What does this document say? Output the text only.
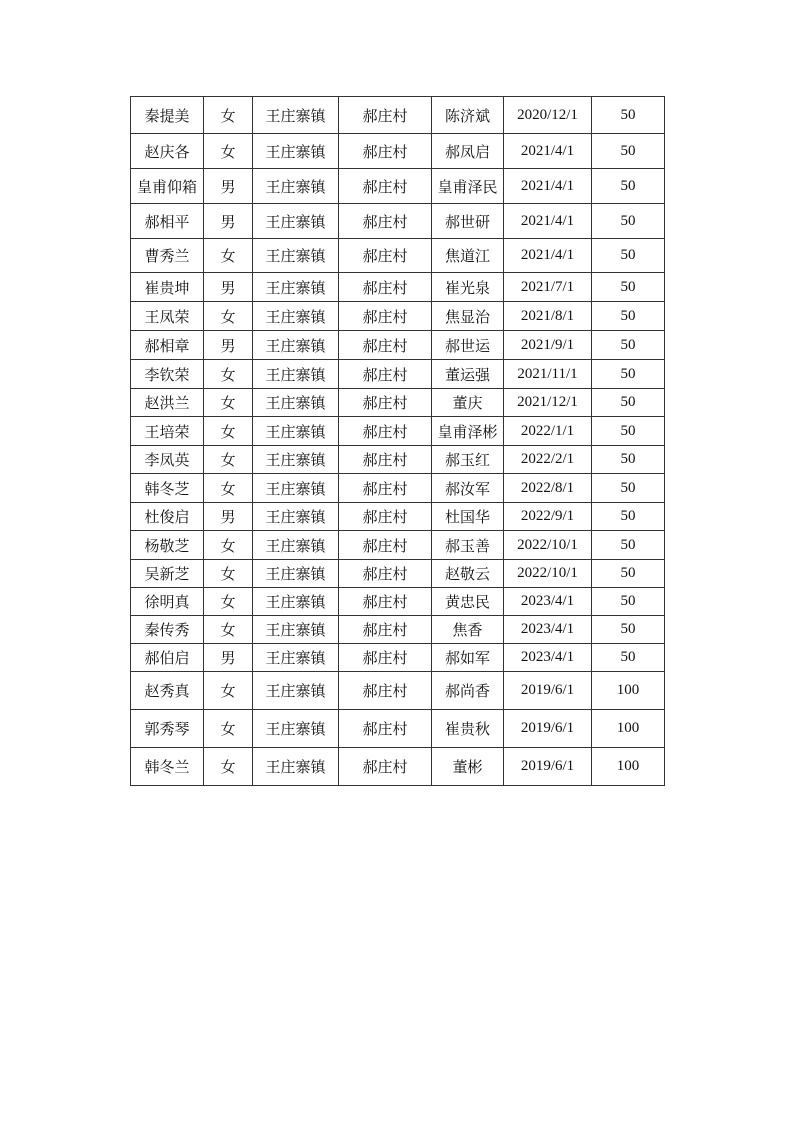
秦提美	女	王庄寨镇	郝庄村	陈济斌	2020/12/1	50
赵庆各	女	王庄寨镇	郝庄村	郝凤启	2021/4/1	50
皇甫仰箱	男	王庄寨镇	郝庄村	皇甫泽民	2021/4/1	50
郝相平	男	王庄寨镇	郝庄村	郝世研	2021/4/1	50
曹秀兰	女	王庄寨镇	郝庄村	焦道江	2021/4/1	50
崔贵坤	男	王庄寨镇	郝庄村	崔光泉	2021/7/1	50
王凤荣	女	王庄寨镇	郝庄村	焦显治	2021/8/1	50
郝相章	男	王庄寨镇	郝庄村	郝世运	2021/9/1	50
李钦荣	女	王庄寨镇	郝庄村	董运强	2021/11/1	50
赵洪兰	女	王庄寨镇	郝庄村	董庆	2021/12/1	50
王培荣	女	王庄寨镇	郝庄村	皇甫泽彬	2022/1/1	50
李凤英	女	王庄寨镇	郝庄村	郝玉红	2022/2/1	50
韩冬芝	女	王庄寨镇	郝庄村	郝汝军	2022/8/1	50
杜俊启	男	王庄寨镇	郝庄村	杜国华	2022/9/1	50
杨敬芝	女	王庄寨镇	郝庄村	郝玉善	2022/10/1	50
吴新芝	女	王庄寨镇	郝庄村	赵敬云	2022/10/1	50
徐明真	女	王庄寨镇	郝庄村	黄忠民	2023/4/1	50
秦传秀	女	王庄寨镇	郝庄村	焦香	2023/4/1	50
郝伯启	男	王庄寨镇	郝庄村	郝如军	2023/4/1	50
赵秀真	女	王庄寨镇	郝庄村	郝尚香	2019/6/1	100
郭秀琴	女	王庄寨镇	郝庄村	崔贵秋	2019/6/1	100
韩冬兰	女	王庄寨镇	郝庄村	董彬	2019/6/1	100
